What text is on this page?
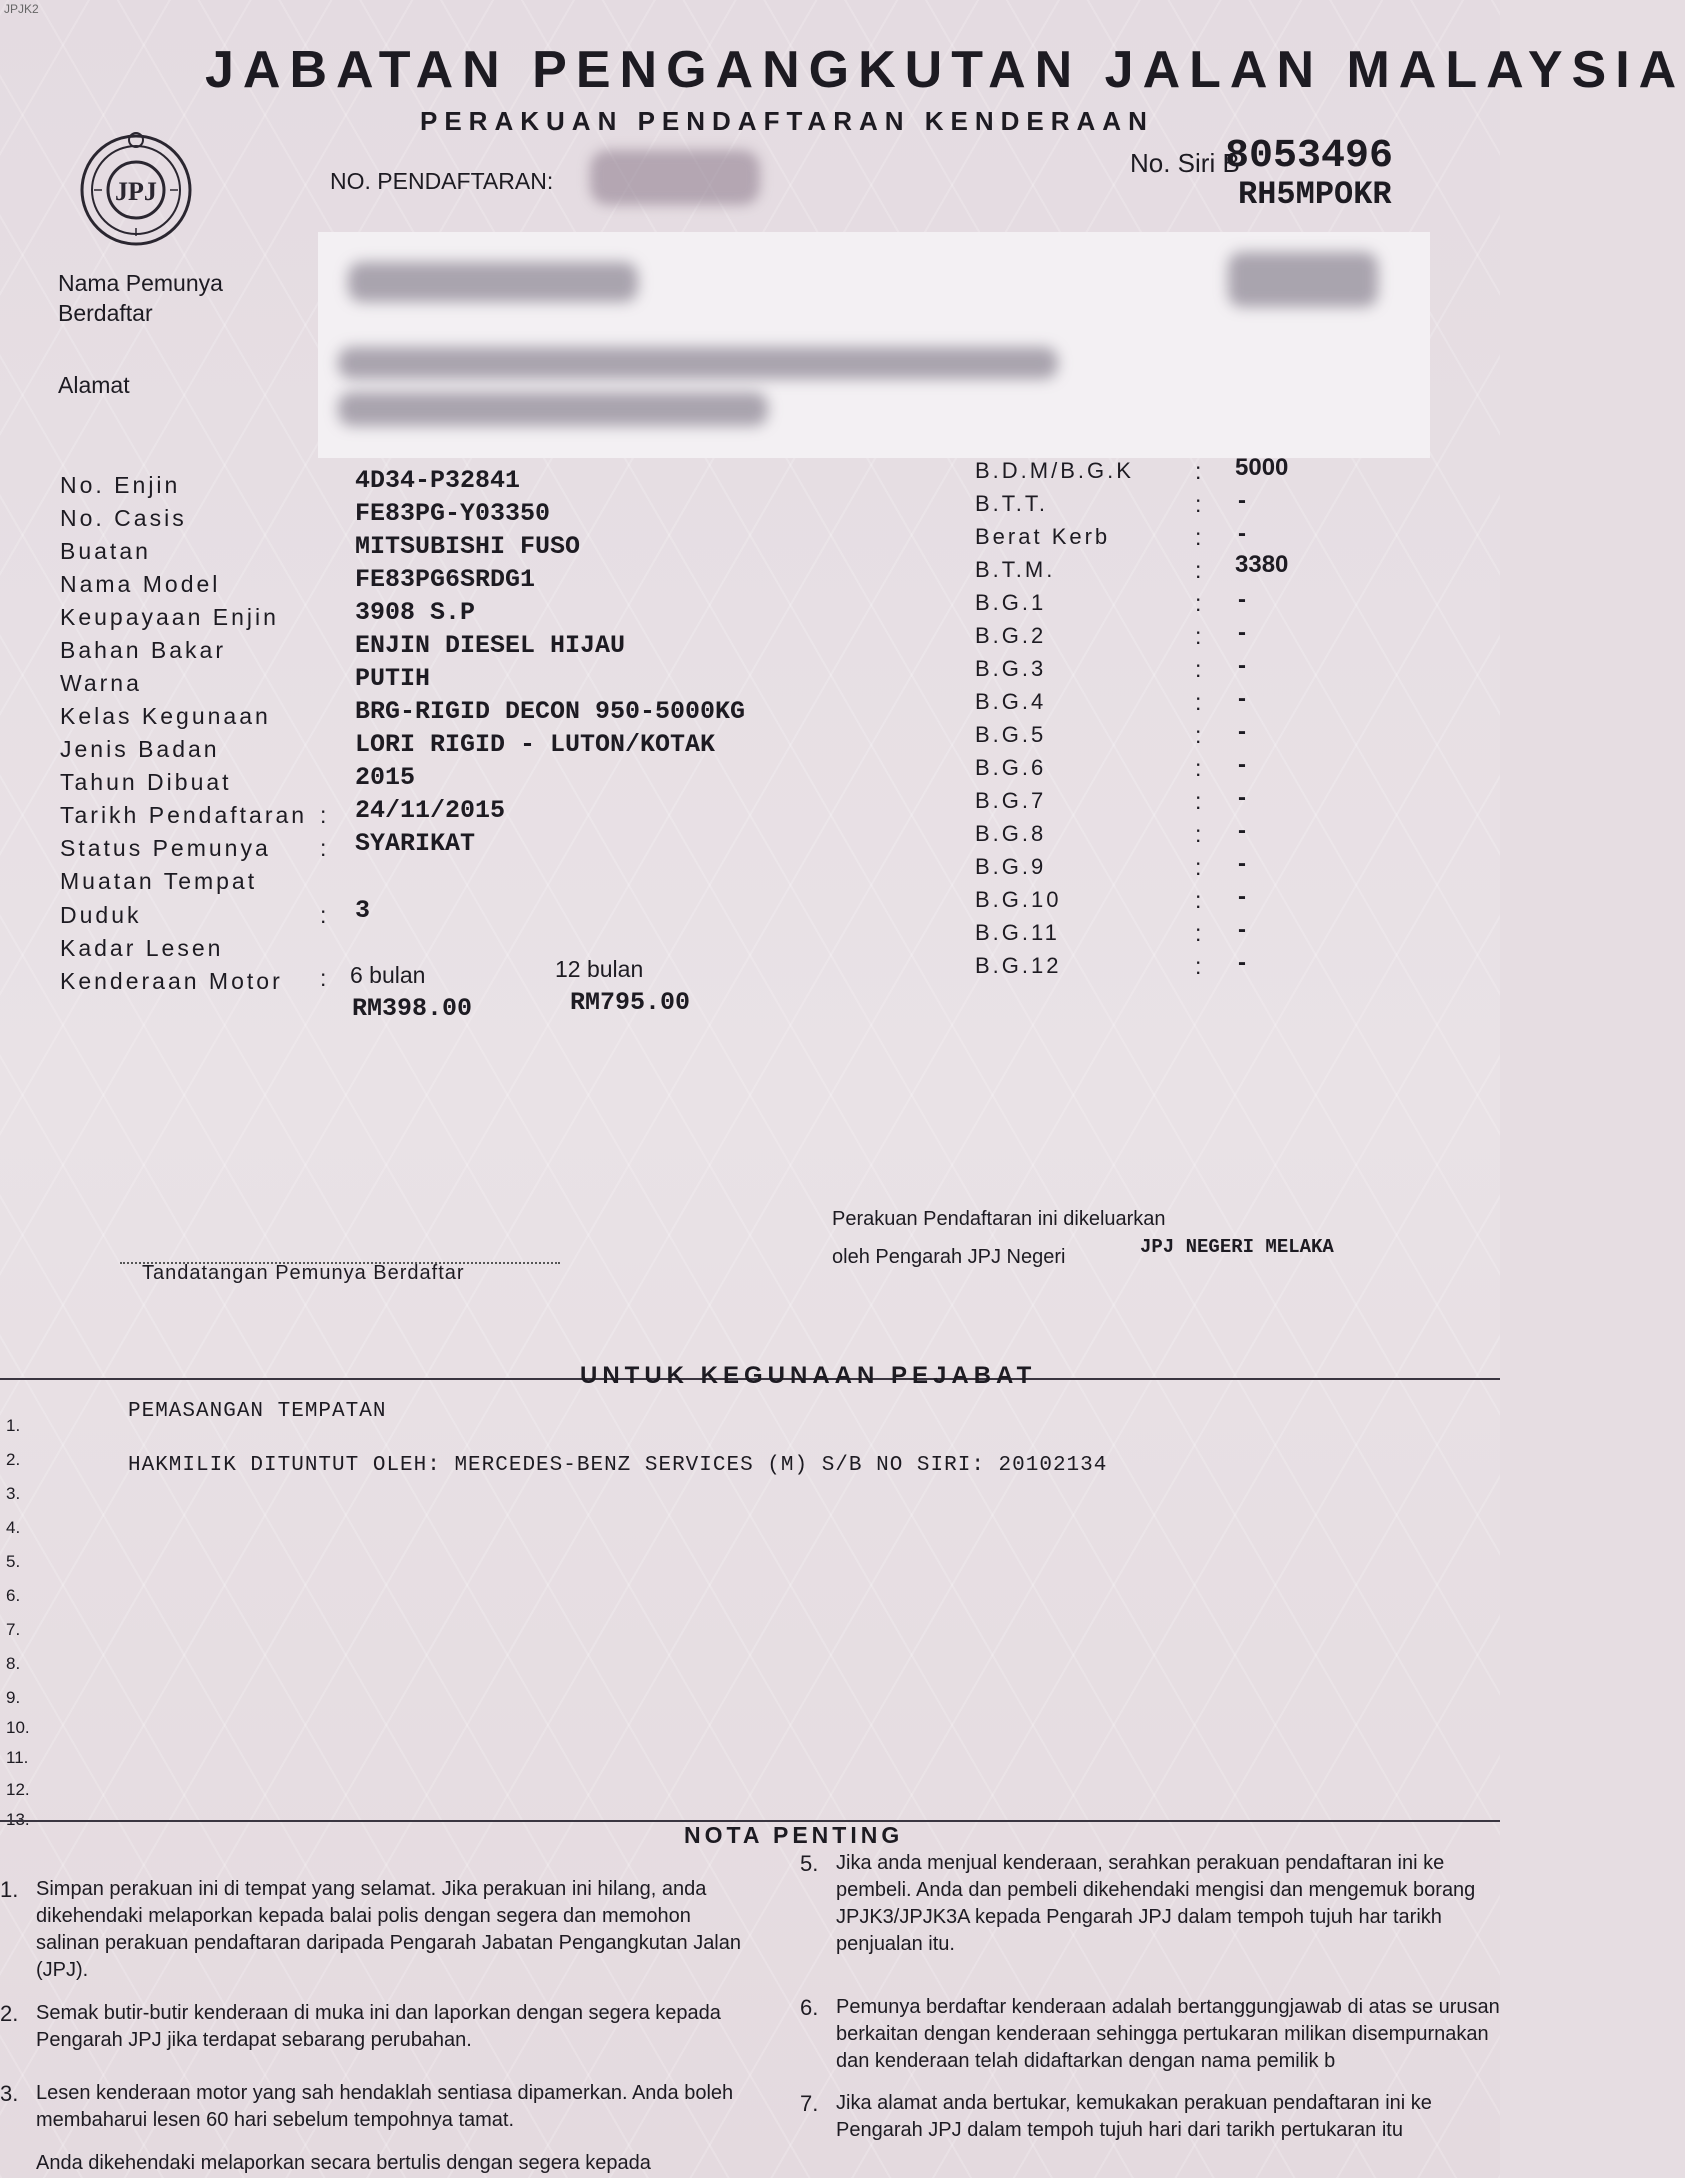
JPJK2
JABATAN PENGANGKUTAN JALAN MALAYSIA
PERAKUAN PENDAFTARAN KENDERAAN
JPJ	NO. PENDAFTARAN:
No. Siri B
8053496
RH5MPOKR
Nama Pemunya
Berdaftar
Alamat
No. Enjin	4D34-P32841
No. Casis	FE83PG-Y03350
Buatan	MITSUBISHI FUSO
Nama Model	FE83PG6SRDG1
Keupayaan Enjin	3908 S.P
Bahan Bakar	ENJIN DIESEL HIJAU
Warna	PUTIH
Kelas Kegunaan	BRG-RIGID DECON 950-5000KG
Jenis Badan	LORI RIGID - LUTON/KOTAK
Tahun Dibuat	2015
Tarikh Pendaftaran : 24/11/2015
Status Pemunya : SYARIKAT
Muatan Tempat
Duduk	: 3
Kadar Lesen
Kenderaan Motor : 6 bulan	12 bulan
RM398.00	RM795.00
B.D.M/B.G.K	: 5000
B.T.T.	: -
Berat Kerb	: -
B.T.M.	: 3380
B.G.1	: -
B.G.2	: -
B.G.3	: -
B.G.4	: -
B.G.5	: -
B.G.6	: -
B.G.7	: -
B.G.8	: -
B.G.9	: -
B.G.10	: -
B.G.11	: -
B.G.12	: -
Perakuan Pendaftaran ini dikeluarkan
oleh Pengarah JPJ Negeri	JPJ NEGERI MELAKA
Tandatangan Pemunya Berdaftar
UNTUK KEGUNAAN PEJABAT
1.
2.
3.
4.
5.
6.
7.
8.
9.
10.
11.
12.
PEMASANGAN TEMPATAN
HAKMILIK DITUNTUT OLEH: MERCEDES-BENZ SERVICES (M) S/B NO SIRI: 20102134
NOTA PENTING
1. Simpan perakuan ini di tempat yang selamat. Jika perakuan ini hilang, anda dikehendaki melaporkan kepada balai polis dengan segera dan memohon salinan perakuan pendaftaran daripada Pengarah Jabatan Pengangkutan Jalan (JPJ).
2. Semak butir-butir kenderaan di muka ini dan laporkan dengan segera kepada Pengarah JPJ jika terdapat sebarang perubahan.
3. Lesen kenderaan motor yang sah hendaklah sentiasa dipamerkan. Anda boleh membaharui lesen 60 hari sebelum tempohnya tamat.
Anda dikehendaki melaporkan secara bertulis dengan segera kepada
5. Jika anda menjual kenderaan, serahkan perakuan pendaftaran ini ke pembeli. Anda dan pembeli dikehendaki mengisi dan mengemuk borang JPJK3/JPJK3A kepada Pengarah JPJ dalam tempoh tujuh har tarikh penjualan itu.
6. Pemunya berdaftar kenderaan adalah bertanggungjawab di atas se urusan berkaitan dengan kenderaan sehingga pertukaran milikan disempurnakan dan kenderaan telah didaftarkan dengan nama pemilik b
7. Jika alamat anda bertukar, kemukakan perakuan pendaftaran ini ke Pengarah JPJ dalam tempoh tujuh hari dari tarikh pertukaran itu
